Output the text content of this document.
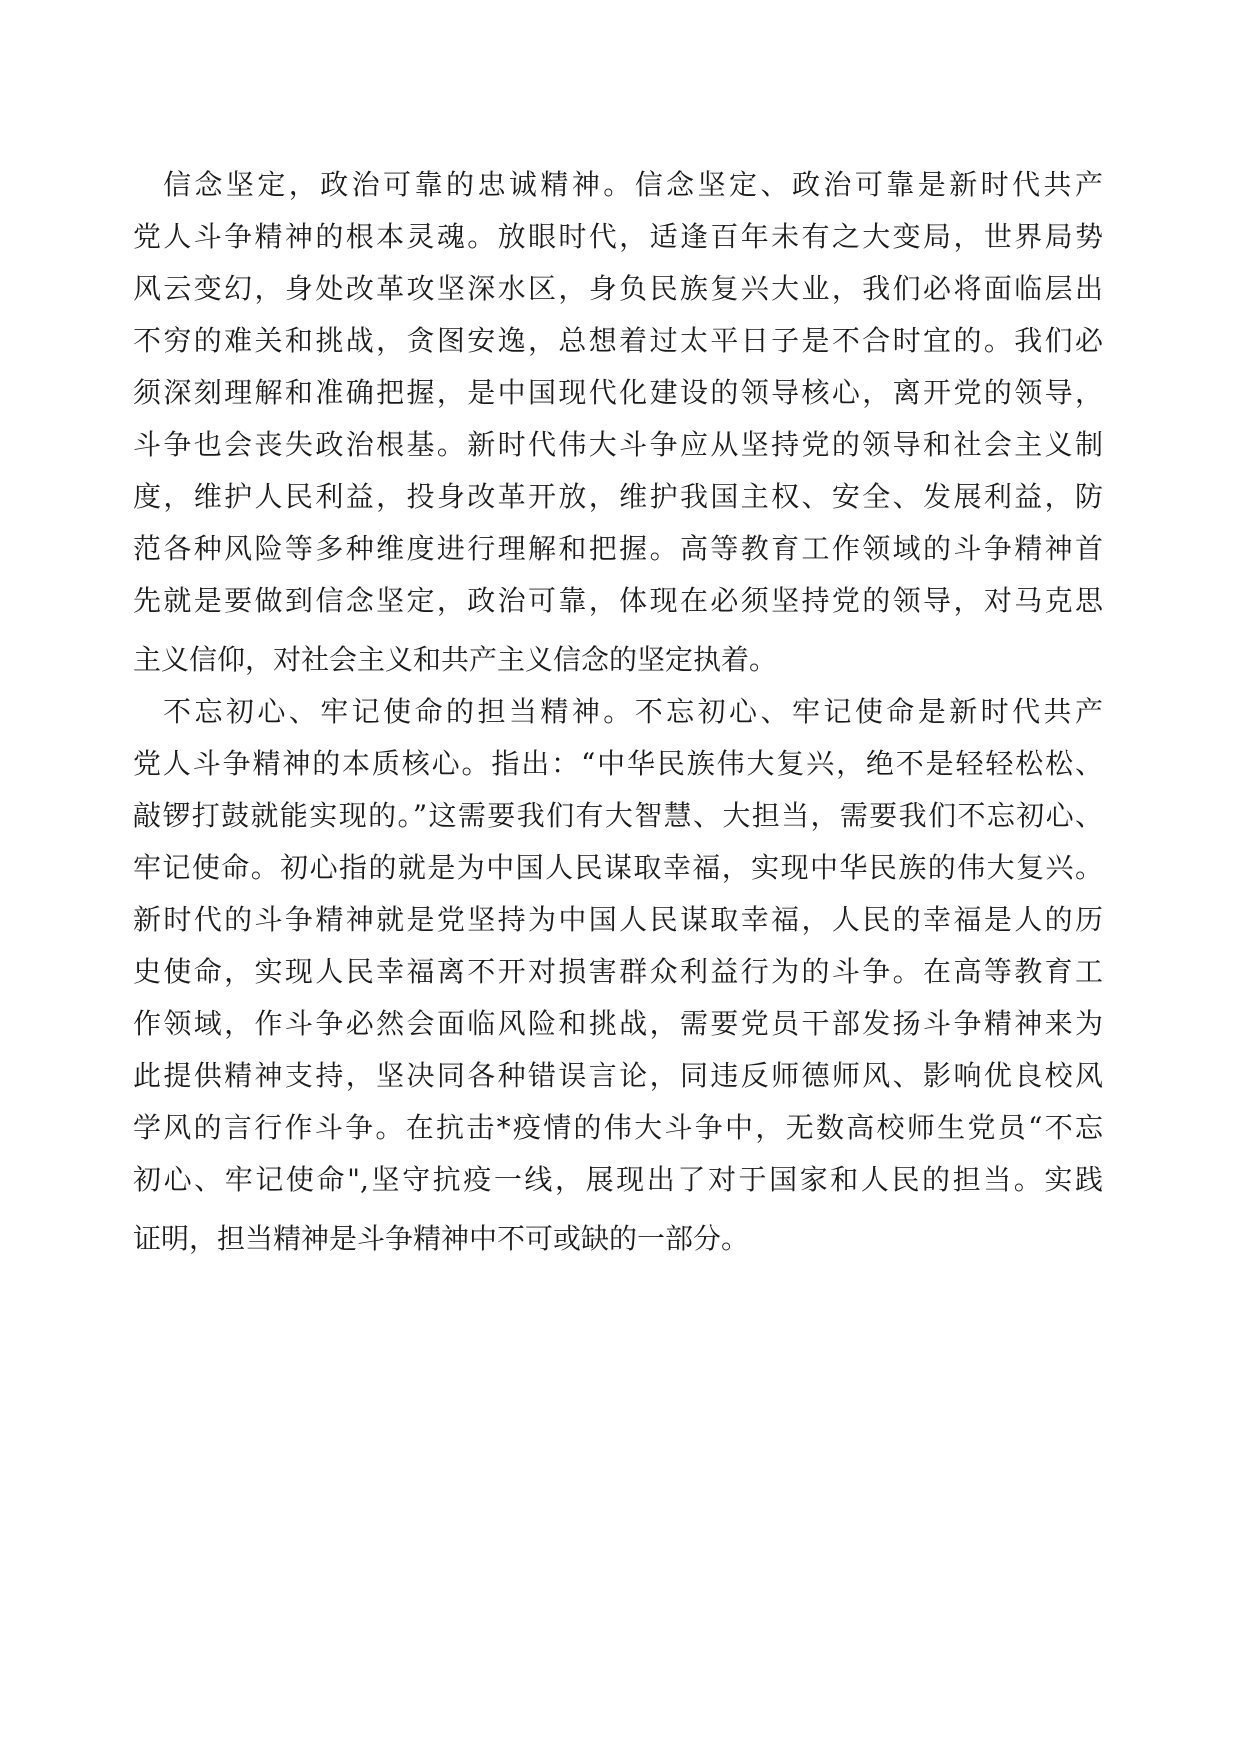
信念坚定，政治可靠的忠诚精神。信念坚定、政治可靠是新时代共产
党人斗争精神的根本灵魂。放眼时代，适逢百年未有之大变局，世界局势
风云变幻，身处改革攻坚深水区，身负民族复兴大业，我们必将面临层出
不穷的难关和挑战，贪图安逸，总想着过太平日子是不合时宜的。我们必
须深刻理解和准确把握，是中国现代化建设的领导核心，离开党的领导，
斗争也会丧失政治根基。新时代伟大斗争应从坚持党的领导和社会主义制
度，维护人民利益，投身改革开放，维护我国主权、安全、发展利益，防
范各种风险等多种维度进行理解和把握。高等教育工作领域的斗争精神首
先就是要做到信念坚定，政治可靠，体现在必须坚持党的领导，对马克思
主义信仰，对社会主义和共产主义信念的坚定执着。
不忘初心、牢记使命的担当精神。不忘初心、牢记使命是新时代共产
党人斗争精神的本质核心。指出：“中华民族伟大复兴，绝不是轻轻松松、
敲锣打鼓就能实现的。”这需要我们有大智慧、大担当，需要我们不忘初心、
牢记使命。初心指的就是为中国人民谋取幸福，实现中华民族的伟大复兴。
新时代的斗争精神就是党坚持为中国人民谋取幸福，人民的幸福是人的历
史使命，实现人民幸福离不开对损害群众利益行为的斗争。在高等教育工
作领域，作斗争必然会面临风险和挑战，需要党员干部发扬斗争精神来为
此提供精神支持，坚决同各种错误言论，同违反师德师风、影响优良校风
学风的言行作斗争。在抗击*疫情的伟大斗争中，无数高校师生党员“不忘
初心、牢记使命",坚守抗疫一线，展现出了对于国家和人民的担当。实践
证明，担当精神是斗争精神中不可或缺的一部分。
